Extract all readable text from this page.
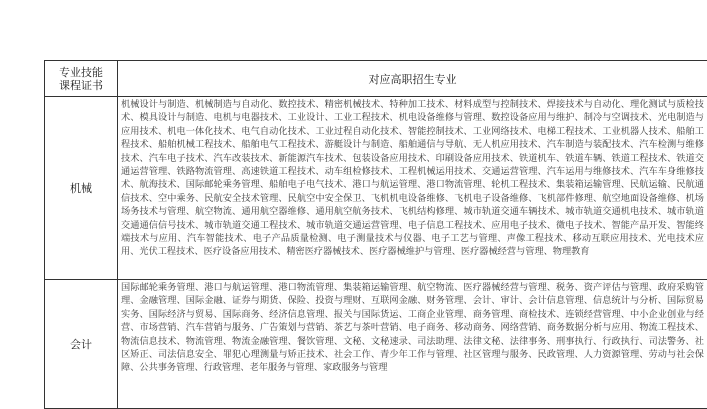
专业技能
课程证书	对应高职招生专业
机械	机械设计与制造、机械制造与自动化、数控技术、精密机械技术、特种加工技术、材料成型与控制技术、焊接技术与自动化、理化测试与质检技术、模具设计与制造、电机与电器技术、工业设计、工业工程技术、机电设备维修与管理、数控设备应用与维护、制冷与空调技术、光电制造与应用技术、机电一体化技术、电气自动化技术、工业过程自动化技术、智能控制技术、工业网络技术、电梯工程技术、工业机器人技术、船舶工程技术、船舶机械工程技术、船舶电气工程技术、游艇设计与制造、船舶通信与导航、无人机应用技术、汽车制造与装配技术、汽车检测与维修技术、汽车电子技术、汽车改装技术、新能源汽车技术、包装设备应用技术、印刷设备应用技术、铁道机车、铁道车辆、铁道工程技术、铁道交通运营管理、铁路物流管理、高速铁道工程技术、动车组检修技术、工程机械运用技术、交通运营管理、汽车运用与维修技术、汽车车身维修技术、航海技术、国际邮轮乘务管理、船舶电子电气技术、港口与航运管理、港口物流管理、轮机工程技术、集装箱运输管理、民航运输、民航通信技术、空中乘务、民航安全技术管理、民航空中安全保卫、飞机机电设备维修、飞机电子设备维修、飞机部件修理、航空地面设备维修、机场场务技术与管理、航空物流、通用航空器维修、通用航空航务技术、飞机结构修理、城市轨道交通车辆技术、城市轨道交通机电技术、城市轨道交通通信信号技术、城市轨道交通工程技术、城市轨道交通运营管理、电子信息工程技术、应用电子技术、微电子技术、智能产品开发、智能终端技术与应用、汽车智能技术、电子产品质量检测、电子测量技术与仪器、电子工艺与管理、声像工程技术、移动互联应用技术、光电技术应用、光伏工程技术、医疗设备应用技术、精密医疗器械技术、医疗器械维护与管理、医疗器械经营与管理、物理教育
会计	国际邮轮乘务管理、港口与航运管理、港口物流管理、集装箱运输管理、航空物流、医疗器械经营与管理、税务、资产评估与管理、政府采购管理、金融管理、国际金融、证券与期货、保险、投资与理财、互联网金融、财务管理、会计、审计、会计信息管理、信息统计与分析、国际贸易实务、国际经济与贸易、国际商务、经济信息管理、报关与国际货运、工商企业管理、商务管理、商检技术、连锁经营管理、中小企业创业与经营、市场营销、汽车营销与服务、广告策划与营销、茶艺与茶叶营销、电子商务、移动商务、网络营销、商务数据分析与应用、物流工程技术、物流信息技术、物流管理、物流金融管理、餐饮管理、文秘、文秘速录、司法助理、法律文秘、法律事务、刑事执行、行政执行、司法警务、社区矫正、司法信息安全、罪犯心理测量与矫正技术、社会工作、青少年工作与管理、社区管理与服务、民政管理、人力资源管理、劳动与社会保障、公共事务管理、行政管理、老年服务与管理、家政服务与管理
